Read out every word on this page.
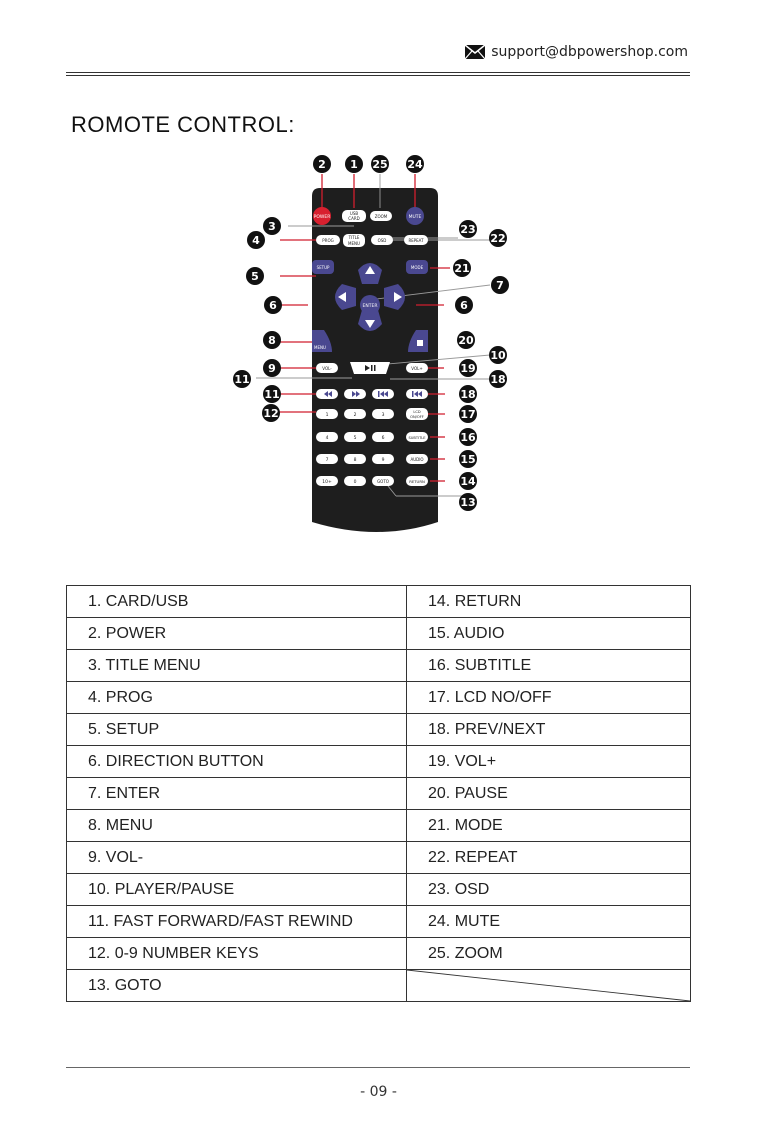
support@dbpowershop.com
ROMOTE CONTROL:
POWER
USB
CARD	ZOOM	MUTE
PROG
TITLE
MENU
OSD	REPEAT
SETUP	MODE
ENTER
MENU
VOL-	VOL+
1	2	3
LCD
ON/OFF
4	5	6	SUBTITLE
7	8	9	AUDIO
10+	0	GOTO	RETURN
2 1 25 24
3	23
4	22
5
21
7
6	6
8	20
10
9	19
11	18
11	18
12	17
16
15
14
13
1. CARD/USB	14. RETURN
2. POWER	15. AUDIO
3. TITLE MENU	16. SUBTITLE
4. PROG	17. LCD NO/OFF
5. SETUP	18. PREV/NEXT
6. DIRECTION BUTTON	19. VOL+
7. ENTER	20. PAUSE
8. MENU	21. MODE
9. VOL-	22. REPEAT
10. PLAYER/PAUSE	23. OSD
11. FAST FORWARD/FAST REWIND	24. MUTE
12. 0-9 NUMBER KEYS	25. ZOOM
13. GOTO	
- 09 -
